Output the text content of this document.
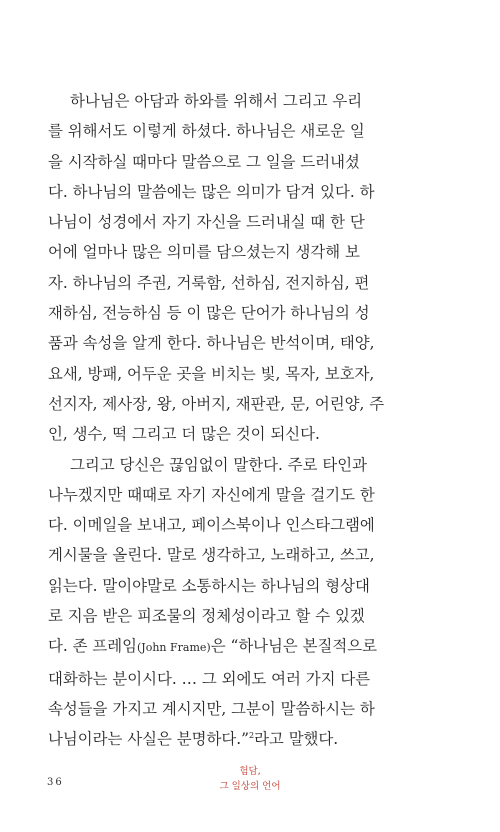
하나님은 아담과 하와를 위해서 그리고 우리
를 위해서도 이렇게 하셨다. 하나님은 새로운 일
을 시작하실 때마다 말씀으로 그 일을 드러내셨
다. 하나님의 말씀에는 많은 의미가 담겨 있다. 하
나님이 성경에서 자기 자신을 드러내실 때 한 단
어에 얼마나 많은 의미를 담으셨는지 생각해 보
자. 하나님의 주권, 거룩함, 선하심, 전지하심, 편
재하심, 전능하심 등 이 많은 단어가 하나님의 성
품과 속성을 알게 한다. 하나님은 반석이며, 태양,
요새, 방패, 어두운 곳을 비치는 빛, 목자, 보호자,
선지자, 제사장, 왕, 아버지, 재판관, 문, 어린양, 주
인, 생수, 떡 그리고 더 많은 것이 되신다.

그리고 당신은 끊임없이 말한다. 주로 타인과
나누겠지만 때때로 자기 자신에게 말을 걸기도 한
다. 이메일을 보내고, 페이스북이나 인스타그램에
게시물을 올린다. 말로 생각하고, 노래하고, 쓰고,
읽는다. 말이야말로 소통하시는 하나님의 형상대
로 지음 받은 피조물의 정체성이라고 할 수 있겠
다. 존 프레임(John Frame)은 “하나님은 본질적으로
대화하는 분이시다. … 그 외에도 여러 가지 다른
속성들을 가지고 계시지만, 그분이 말씀하시는 하
나님이라는 사실은 분명하다.”$^2$라고 말했다.

36
험담,
그 일상의 언어
